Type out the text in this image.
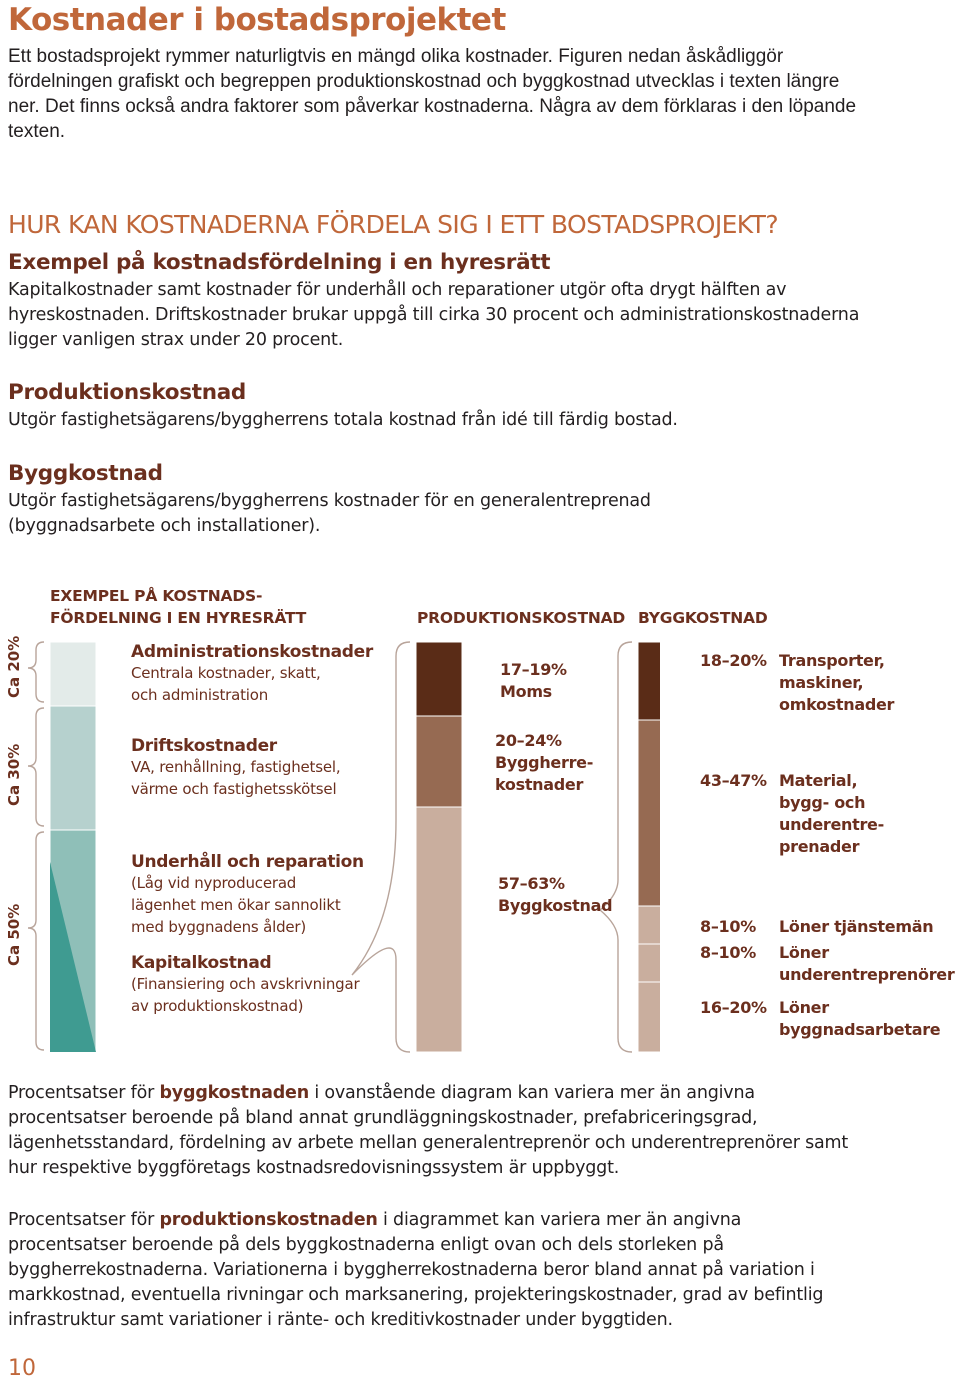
Kostnader i bostadsprojektet
Ett bostadsprojekt rymmer naturligtvis en mängd olika kostnader. Figuren nedan åskådliggör fördelningen grafiskt och begreppen produktionskostnad och byggkostnad utvecklas i texten längre ner. Det finns också andra faktorer som påverkar kostnaderna. Några av dem förklaras i den löpande texten.
HUR KAN KOSTNADERNA FÖRDELA SIG I ETT BOSTADSPROJEKT?
Exempel på kostnadsfördelning i en hyresrätt
Kapitalkostnader samt kostnader för underhåll och reparationer utgör ofta drygt hälften av hyreskostnaden. Driftskostnader brukar uppgå till cirka 30 procent och administrationskostnaderna ligger vanligen strax under 20 procent.
Produktionskostnad
Utgör fastighetsägarens/byggherrens totala kostnad från idé till färdig bostad.
Byggkostnad
Utgör fastighetsägarens/byggherrens kostnader för en generalentreprenad (byggnadsarbete och installationer).
EXEMPEL PÅ KOSTNADS-
FÖRDELNING I EN HYRESRÄTT	PRODUKTIONSKOSTNAD BYGGKOSTNAD
Ca 20%
Ca 30%
Ca 50%
Administrationskostnader
Centrala kostnader, skatt,
och administration
Driftskostnader
VA, renhållning, fastighetsel,
värme och fastighetsskötsel
Underhåll och reparation
(Låg vid nyproducerad
lägenhet men ökar sannolikt
med byggnadens ålder)
Kapitalkostnad
(Finansiering och avskrivningar
av produktionskostnad)
17–19%
Moms
20–24%
Byggherre-
kostnader
57–63%
Byggkostnad
18–20% Transporter,
maskiner,
omkostnader
43–47% Material,
bygg- och
underentre-
prenader
8–10% Löner tjänstemän
8–10% Löner
underentreprenörer
16–20% Löner
byggnadsarbetare
Procentsatser för byggkostnaden i ovanstående diagram kan variera mer än angivna procentsatser beroende på bland annat grundläggningskostnader, prefabriceringsgrad, lägenhetsstandard, fördelning av arbete mellan generalentreprenör och underentreprenörer samt hur respektive byggföretags kostnadsredovisningssystem är uppbyggt.
Procentsatser för produktionskostnaden i diagrammet kan variera mer än angivna procentsatser beroende på dels byggkostnaderna enligt ovan och dels storleken på byggherrekostnaderna. Variationerna i byggherrekostnaderna beror bland annat på variation i markkostnad, eventuella rivningar och marksanering, projekteringskostnader, grad av befintlig infrastruktur samt variationer i ränte- och kreditivkostnader under byggtiden.
10
